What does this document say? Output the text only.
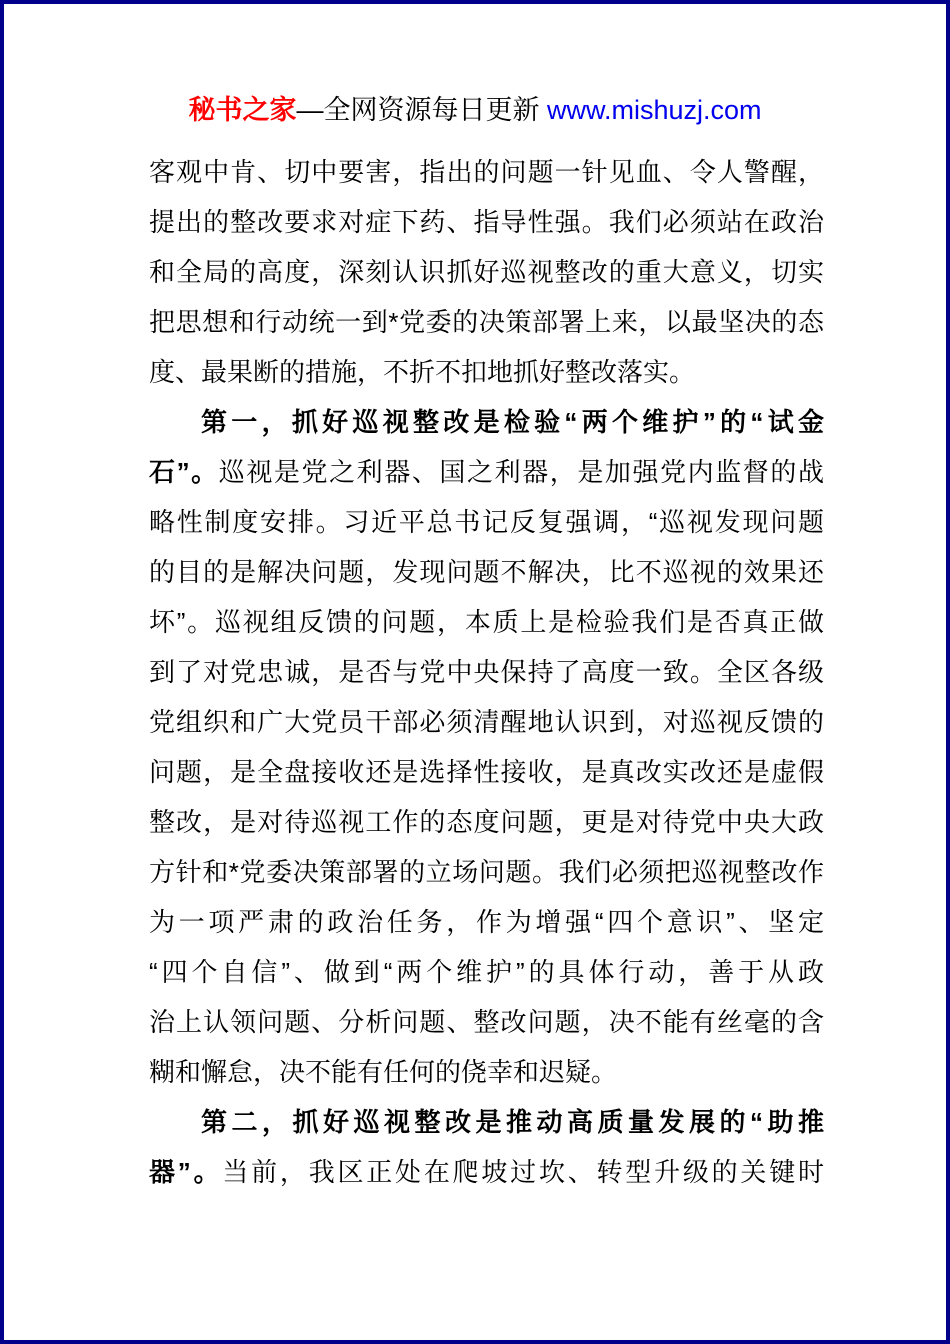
秘书之家—全网资源每日更新 www.mishuzj.com
客观中肯、切中要害，指出的问题一针见血、令人警醒，
提出的整改要求对症下药、指导性强。我们必须站在政治
和全局的高度，深刻认识抓好巡视整改的重大意义，切实
把思想和行动统一到*党委的决策部署上来，以最坚决的态
度、最果断的措施，不折不扣地抓好整改落实。
第一，抓好巡视整改是检验“两个维护”的“试金
石”。巡视是党之利器、国之利器，是加强党内监督的战
略性制度安排。习近平总书记反复强调，“巡视发现问题
的目的是解决问题，发现问题不解决，比不巡视的效果还
坏”。巡视组反馈的问题，本质上是检验我们是否真正做
到了对党忠诚，是否与党中央保持了高度一致。全区各级
党组织和广大党员干部必须清醒地认识到，对巡视反馈的
问题，是全盘接收还是选择性接收，是真改实改还是虚假
整改，是对待巡视工作的态度问题，更是对待党中央大政
方针和*党委决策部署的立场问题。我们必须把巡视整改作
为一项严肃的政治任务，作为增强“四个意识”、坚定
“四个自信”、做到“两个维护”的具体行动，善于从政
治上认领问题、分析问题、整改问题，决不能有丝毫的含
糊和懈怠，决不能有任何的侥幸和迟疑。
第二，抓好巡视整改是推动高质量发展的“助推
器”。当前，我区正处在爬坡过坎、转型升级的关键时
